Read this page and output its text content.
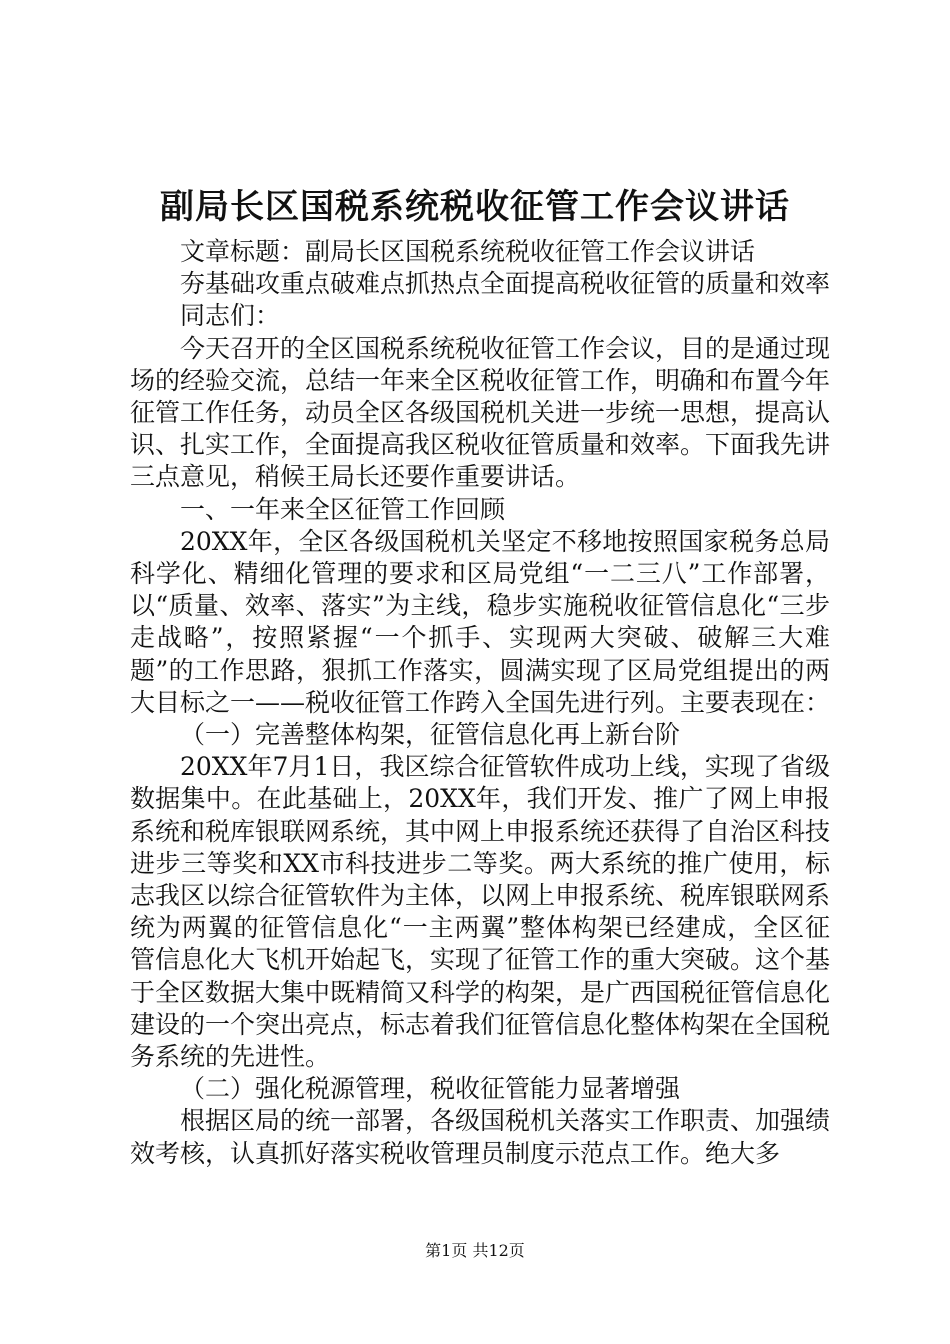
副局长区国税系统税收征管工作会议讲话

文章标题：副局长区国税系统税收征管工作会议讲话

夯基础攻重点破难点抓热点全面提高税收征管的质量和效率

同志们：

今天召开的全区国税系统税收征管工作会议，目的是通过现场的经验交流，总结一年来全区税收征管工作，明确和布置今年征管工作任务，动员全区各级国税机关进一步统一思想，提高认识、扎实工作，全面提高我区税收征管质量和效率。下面我先讲三点意见，稍候王局长还要作重要讲话。

一、一年来全区征管工作回顾

20XX年，全区各级国税机关坚定不移地按照国家税务总局科学化、精细化管理的要求和区局党组“一二三八”工作部署，以“质量、效率、落实”为主线，稳步实施税收征管信息化“三步走战略”，按照紧握“一个抓手、实现两大突破、破解三大难题”的工作思路，狠抓工作落实，圆满实现了区局党组提出的两大目标之一——税收征管工作跨入全国先进行列。主要表现在：

（一）完善整体构架，征管信息化再上新台阶

20XX年7月1日，我区综合征管软件成功上线，实现了省级数据集中。在此基础上，20XX年，我们开发、推广了网上申报系统和税库银联网系统，其中网上申报系统还获得了自治区科技进步三等奖和XX市科技进步二等奖。两大系统的推广使用，标志我区以综合征管软件为主体，以网上申报系统、税库银联网系统为两翼的征管信息化“一主两翼”整体构架已经建成，全区征管信息化大飞机开始起飞，实现了征管工作的重大突破。这个基于全区数据大集中既精简又科学的构架，是广西国税征管信息化建设的一个突出亮点，标志着我们征管信息化整体构架在全国税务系统的先进性。

（二）强化税源管理，税收征管能力显著增强

根据区局的统一部署，各级国税机关落实工作职责、加强绩效考核，认真抓好落实税收管理员制度示范点工作。绝大多

第1页 共12页
